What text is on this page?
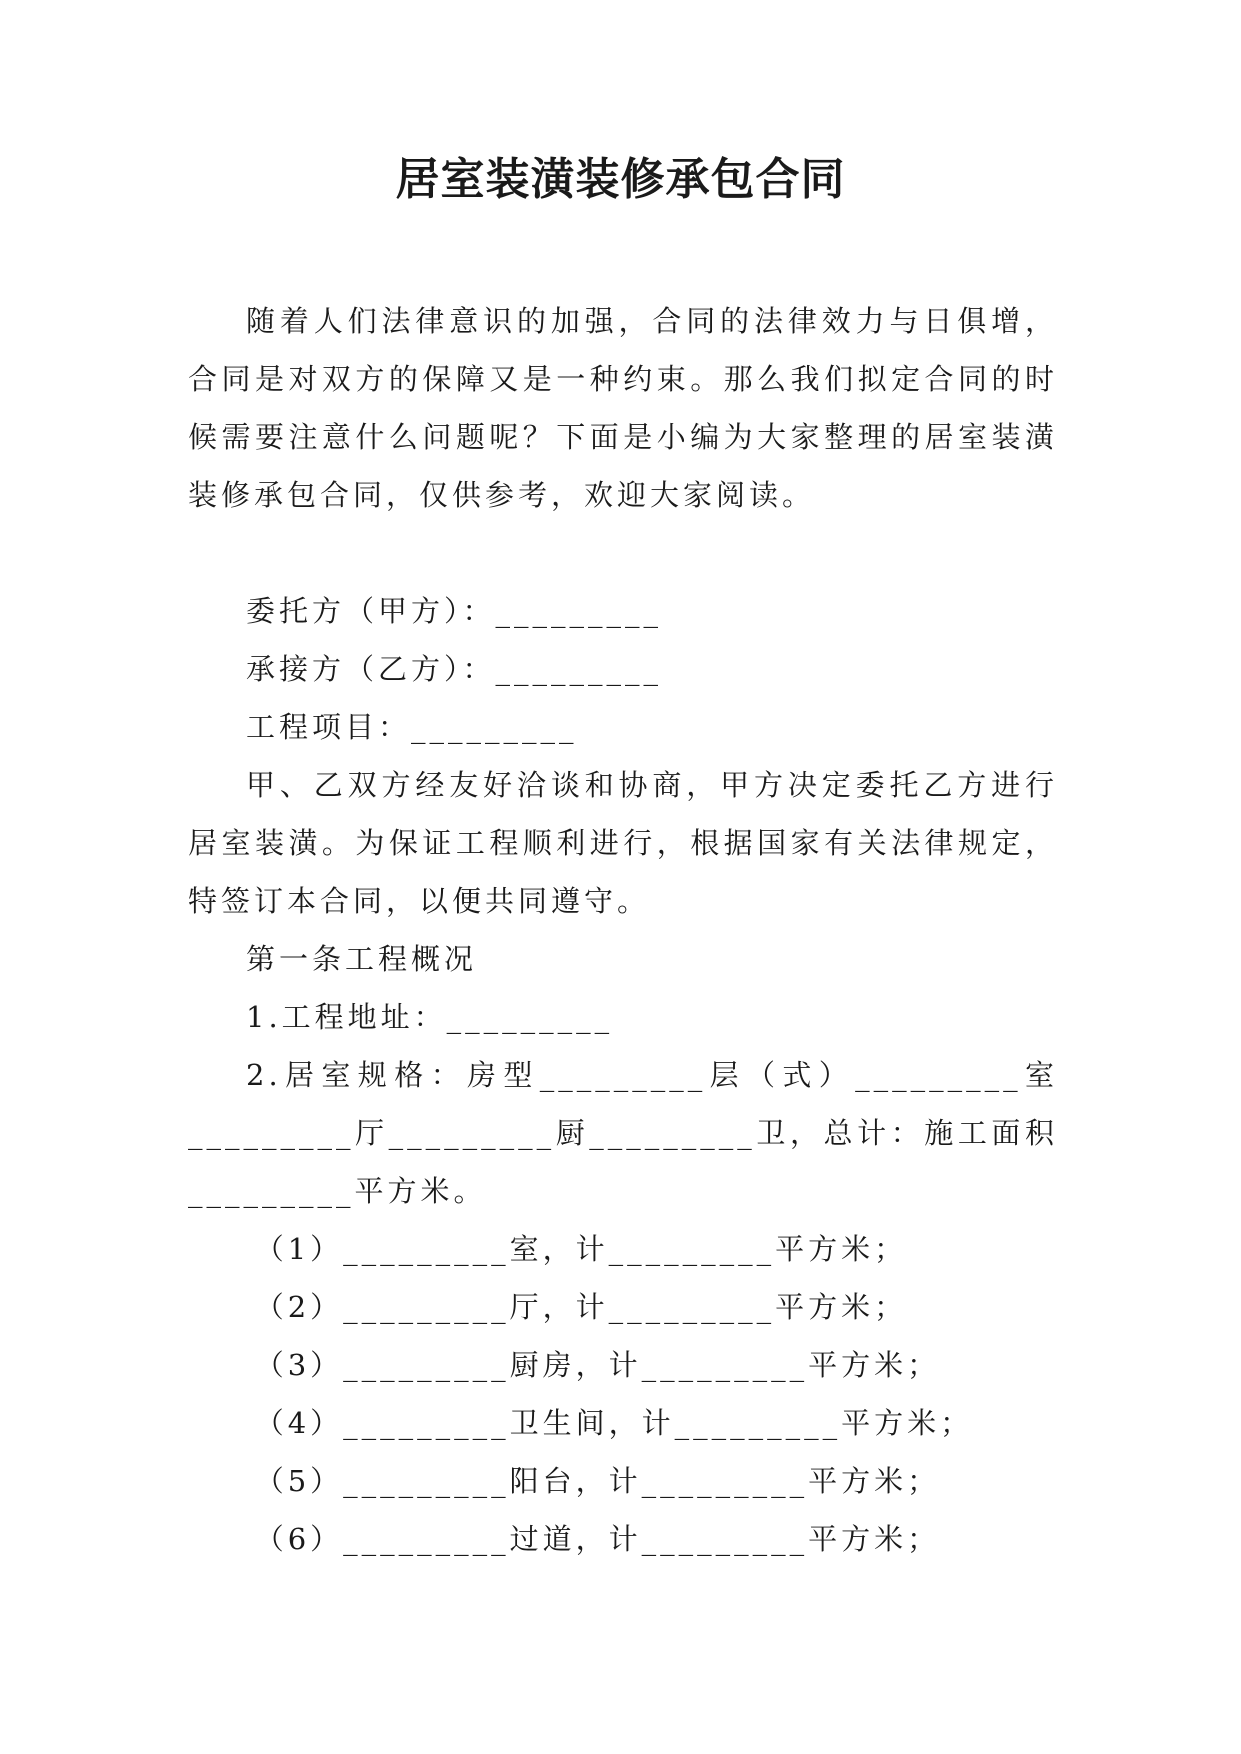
居室装潢装修承包合同

随着人们法律意识的加强，合同的法律效力与日俱增，合同是对双方的保障又是一种约束。那么我们拟定合同的时候需要注意什么问题呢？下面是小编为大家整理的居室装潢装修承包合同，仅供参考，欢迎大家阅读。

委托方（甲方）：_________

承接方（乙方）：_________

工程项目：_________

甲、乙双方经友好洽谈和协商，甲方决定委托乙方进行居室装潢。为保证工程顺利进行，根据国家有关法律规定，特签订本合同，以便共同遵守。

第一条工程概况

1.工程地址：_________

2.居室规格：房型_________层（式）_________室_________厅_________厨_________卫，总计：施工面积_________平方米。

（1）_________室，计_________平方米；

（2）_________厅，计_________平方米；

（3）_________厨房，计_________平方米；

（4）_________卫生间，计_________平方米；

（5）_________阳台，计_________平方米；

（6）_________过道，计_________平方米；
